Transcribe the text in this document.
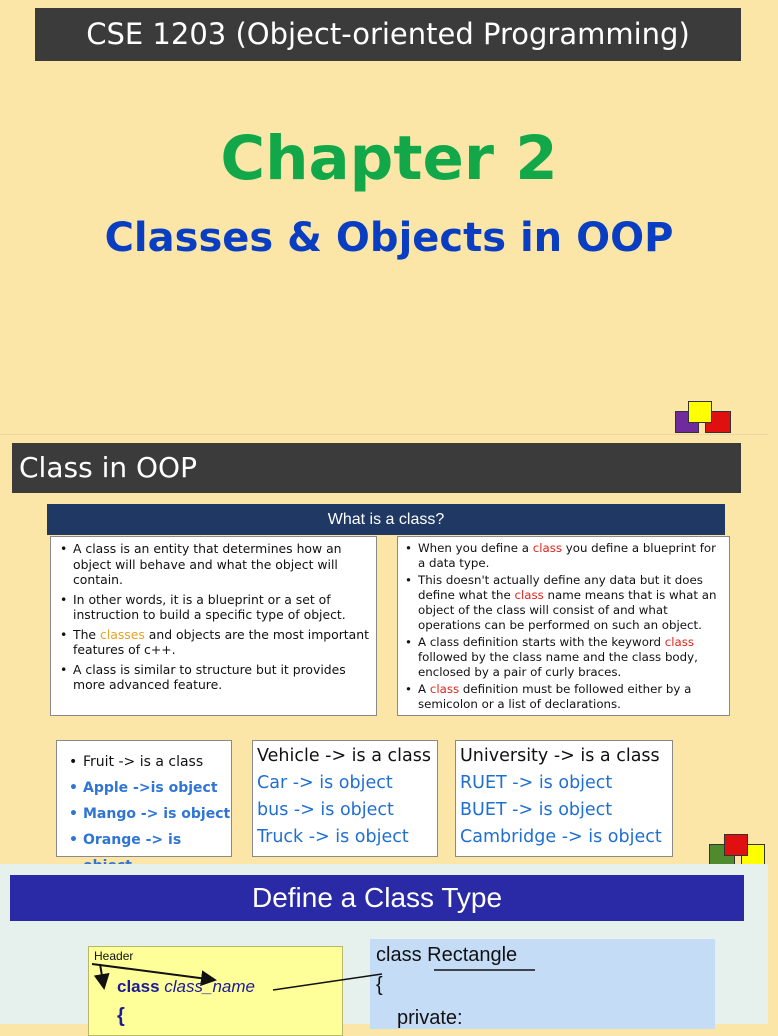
CSE 1203 (Object-oriented Programming)
Chapter 2
Classes & Objects in OOP
Class in OOP
What is a class?
• A class is an entity that determines how an object will behave and what the object will contain.
• In other words, it is a blueprint or a set of instruction to build a specific type of object.
• The classes and objects are the most important features of c++.
• A class is similar to structure but it provides more advanced feature.
• When you define a class you define a blueprint for a data type.
• This doesn't actually define any data but it does define what the class name means that is what an object of the class will consist of and what operations can be performed on such an object.
• A class definition starts with the keyword class followed by the class name and the class body, enclosed by a pair of curly braces.
• A class definition must be followed either by a semicolon or a list of declarations.
• Fruit -> is a class
• Apple ->is object
• Mango -> is object
• Orange -> is
Vehicle -> is a class
Car -> is object
bus -> is object
Truck -> is object
University -> is a class
RUET -> is object
BUET -> is object
Cambridge -> is object
Define a Class Type
Header
class class_name
{
class Rectangle
{
private:
